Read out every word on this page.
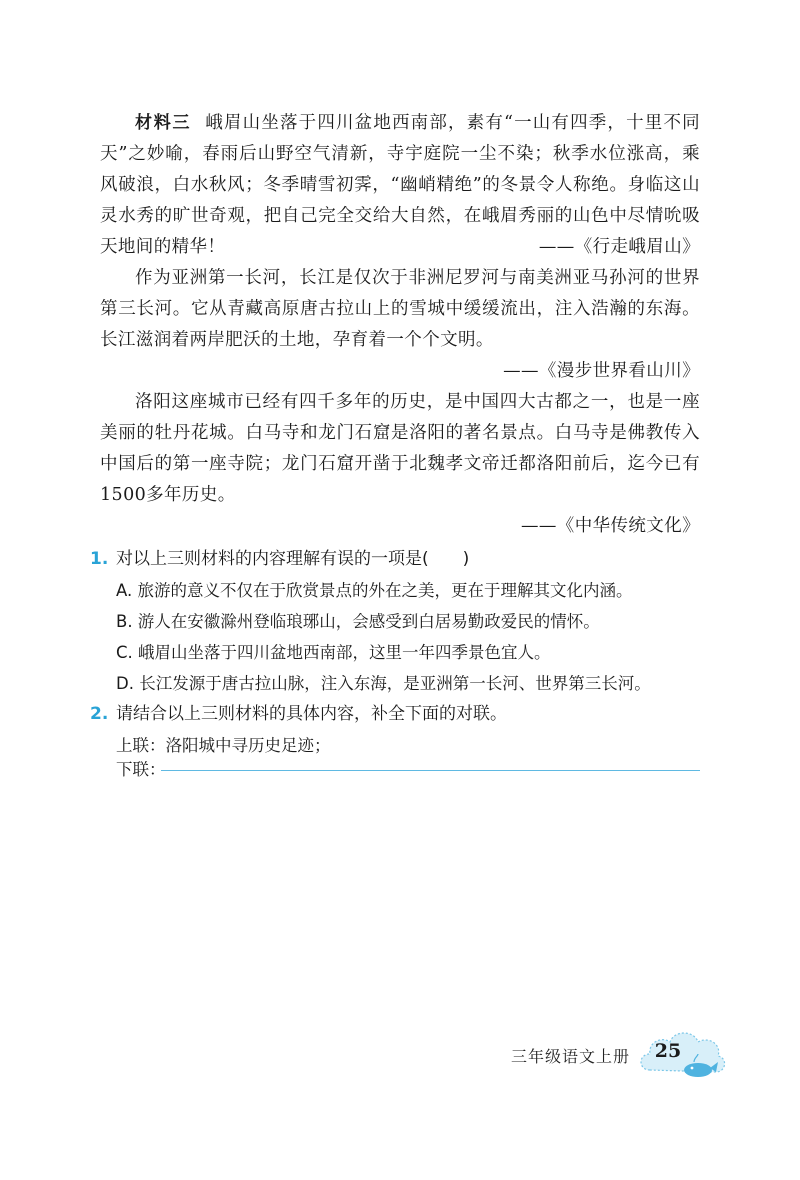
材料三 峨眉山坐落于四川盆地西南部，素有“一山有四季，十里不同天”之妙喻，春雨后山野空气清新，寺宇庭院一尘不染；秋季水位涨高，乘风破浪，白水秋风；冬季晴雪初霁，“幽峭精绝”的冬景令人称绝。身临这山灵水秀的旷世奇观，把自己完全交给大自然，在峨眉秀丽的山色中尽情吮吸天地间的精华！	——《行走峨眉山》

作为亚洲第一长河，长江是仅次于非洲尼罗河与南美洲亚马孙河的世界第三长河。它从青藏高原唐古拉山上的雪城中缓缓流出，注入浩瀚的东海。长江滋润着两岸肥沃的土地，孕育着一个个文明。

——《漫步世界看山川》

洛阳这座城市已经有四千多年的历史，是中国四大古都之一，也是一座美丽的牡丹花城。白马寺和龙门石窟是洛阳的著名景点。白马寺是佛教传入中国后的第一座寺院；龙门石窟开凿于北魏孝文帝迁都洛阳前后，迄今已有1500多年历史。

——《中华传统文化》

1. 对以上三则材料的内容理解有误的一项是(　　)

A. 旅游的意义不仅在于欣赏景点的外在之美，更在于理解其文化内涵。

B. 游人在安徽滁州登临琅琊山，会感受到白居易勤政爱民的情怀。

C. 峨眉山坐落于四川盆地西南部，这里一年四季景色宜人。

D. 长江发源于唐古拉山脉，注入东海，是亚洲第一长河、世界第三长河。

2. 请结合以上三则材料的具体内容，补全下面的对联。

上联：洛阳城中寻历史足迹；

下联：

三年级语文上册	25
